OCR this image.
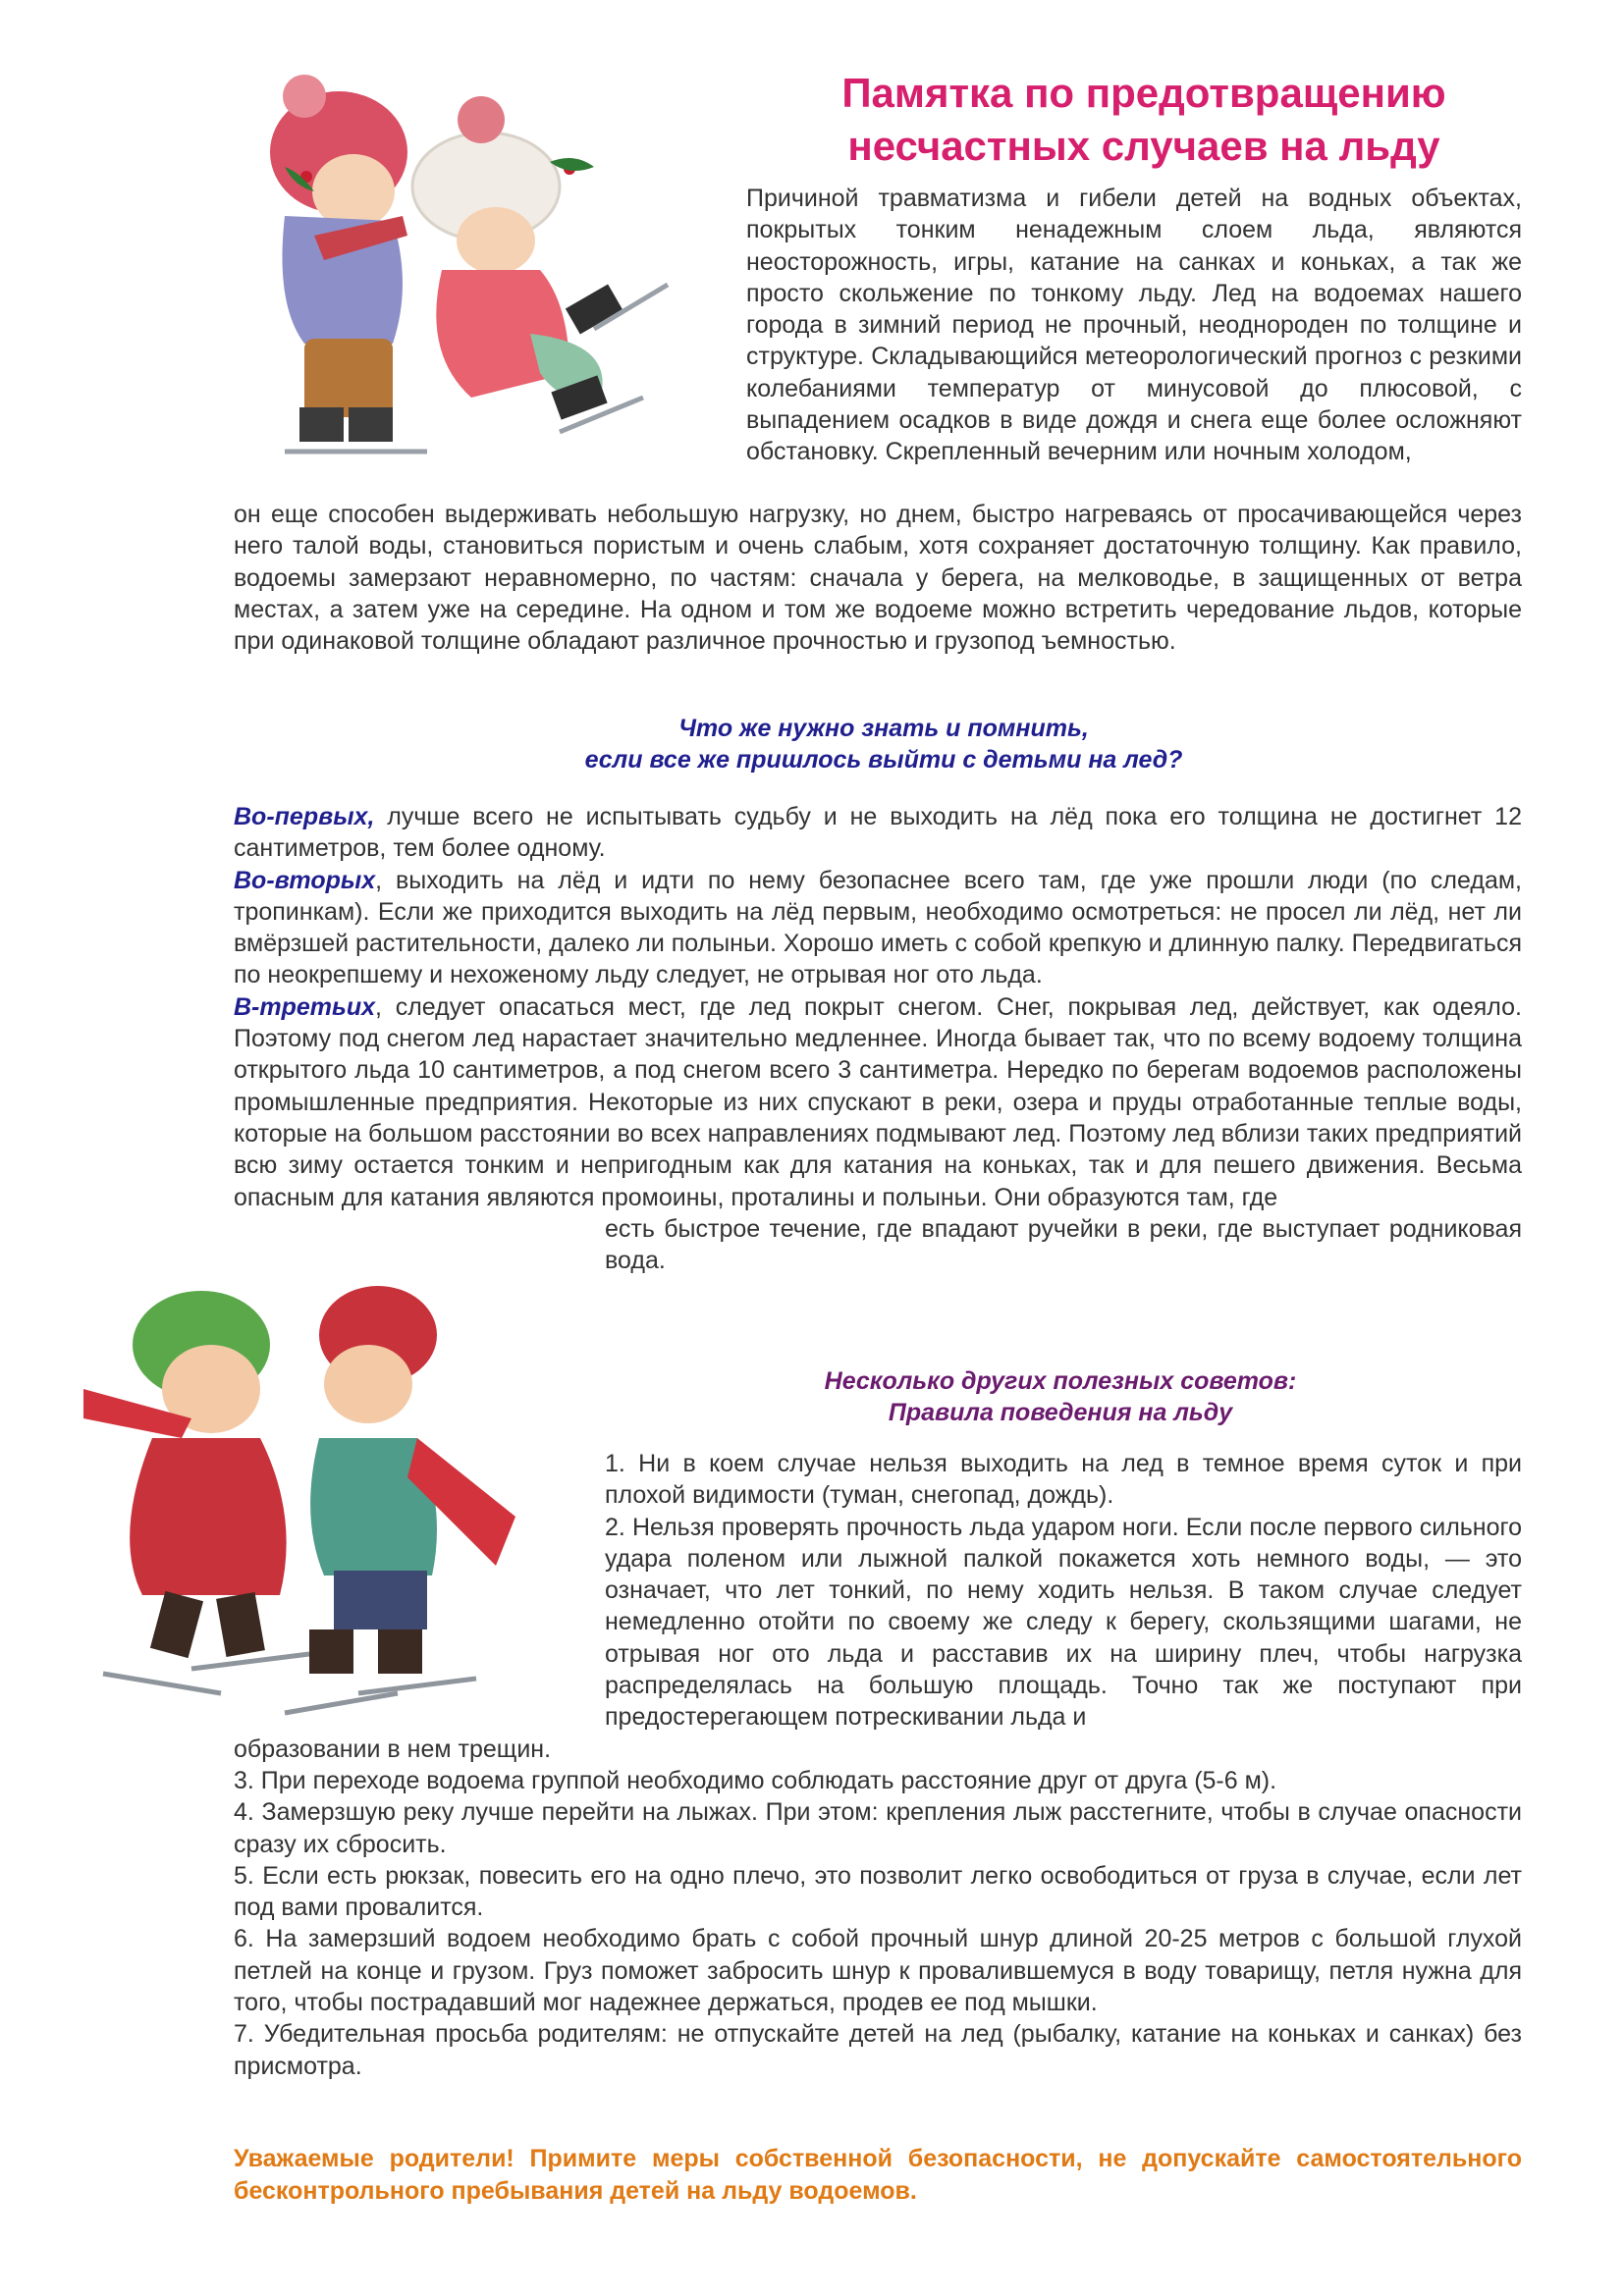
Памятка по предотвращению
несчастных случаев на льду

Причиной травматизма и гибели детей на водных объектах, покрытых тонким ненадежным слоем льда, являются неосторожность, игры, катание на санках и коньках, а так же просто скольжение по тонкому льду. Лед на водоемах нашего города в зимний период не прочный, неоднороден по толщине и структуре. Складывающийся метеорологический прогноз с резкими колебаниями температур от минусовой до плюсовой, с выпадением осадков в виде дождя и снега еще более осложняют обстановку. Скрепленный вечерним или ночным холодом,

он еще способен выдерживать небольшую нагрузку, но днем, быстро нагреваясь от просачивающейся через него талой воды, становиться пористым и очень слабым, хотя сохраняет достаточную толщину. Как правило, водоемы замерзают неравномерно, по частям: сначала у берега, на мелководье, в защищенных от ветра местах, а затем уже на середине. На одном и том же водоеме можно встретить чередование льдов, которые при одинаковой толщине обладают различное прочностью и грузопод ъемностью.

Что же нужно знать и помнить,
если все же пришлось выйти с детьми на лед?

Во-первых, лучше всего не испытывать судьбу и не выходить на лёд пока его толщина не достигнет 12 сантиметров, тем более одному.

Во-вторых, выходить на лёд и идти по нему безопаснее всего там, где уже прошли люди (по следам, тропинкам). Если же приходится выходить на лёд первым, необходимо осмотреться: не просел ли лёд, нет ли вмёрзшей растительности, далеко ли полыньи. Хорошо иметь с собой крепкую и длинную палку. Передвигаться по неокрепшему и нехоженому льду следует, не отрывая ног ото льда.

В-третьих, следует опасаться мест, где лед покрыт снегом. Снег, покрывая лед, действует, как одеяло. Поэтому под снегом лед нарастает значительно медленнее. Иногда бывает так, что по всему водоему толщина открытого льда 10 сантиметров, а под снегом всего 3 сантиметра. Нередко по берегам водоемов расположены промышленные предприятия. Некоторые из них спускают в реки, озера и пруды отработанные теплые воды, которые на большом расстоянии во всех направлениях подмывают лед. Поэтому лед вблизи таких предприятий всю зиму остается тонким и непригодным как для катания на коньках, так и для пешего движения. Весьма опасным для катания являются промоины, проталины и полыньи. Они образуются там, где

есть быстрое течение, где впадают ручейки в реки, где выступает родниковая вода.

Несколько других полезных советов:
Правила поведения на льду

1. Ни в коем случае нельзя выходить на лед в темное время суток и при плохой видимости (туман, снегопад, дождь).

2. Нельзя проверять прочность льда ударом ноги. Если после первого сильного удара поленом или лыжной палкой покажется хоть немного воды, — это означает, что лет тонкий, по нему ходить нельзя. В таком случае следует немедленно отойти по своему же следу к берегу, скользящими шагами, не отрывая ног ото льда и расставив их на ширину плеч, чтобы нагрузка распределялась на большую площадь. Точно так же поступают при предостерегающем потрескивании льда и

образовании в нем трещин.

3. При переходе водоема группой необходимо соблюдать расстояние друг от друга (5-6 м).

4. Замерзшую реку лучше перейти на лыжах. При этом: крепления лыж расстегните, чтобы в случае опасности сразу их сбросить.

5. Если есть рюкзак, повесить его на одно плечо, это позволит легко освободиться от груза в случае, если лет под вами провалится.

6. На замерзший водоем необходимо брать с собой прочный шнур длиной 20-25 метров с большой глухой петлей на конце и грузом. Груз поможет забросить шнур к провалившемуся в воду товарищу, петля нужна для того, чтобы пострадавший мог надежнее держаться, продев ее под мышки.

7. Убедительная просьба родителям: не отпускайте детей на лед (рыбалку, катание на коньках и санках) без присмотра.

Уважаемые родители! Примите меры собственной безопасности, не допускайте самостоятельного бесконтрольного пребывания детей на льду водоемов.
